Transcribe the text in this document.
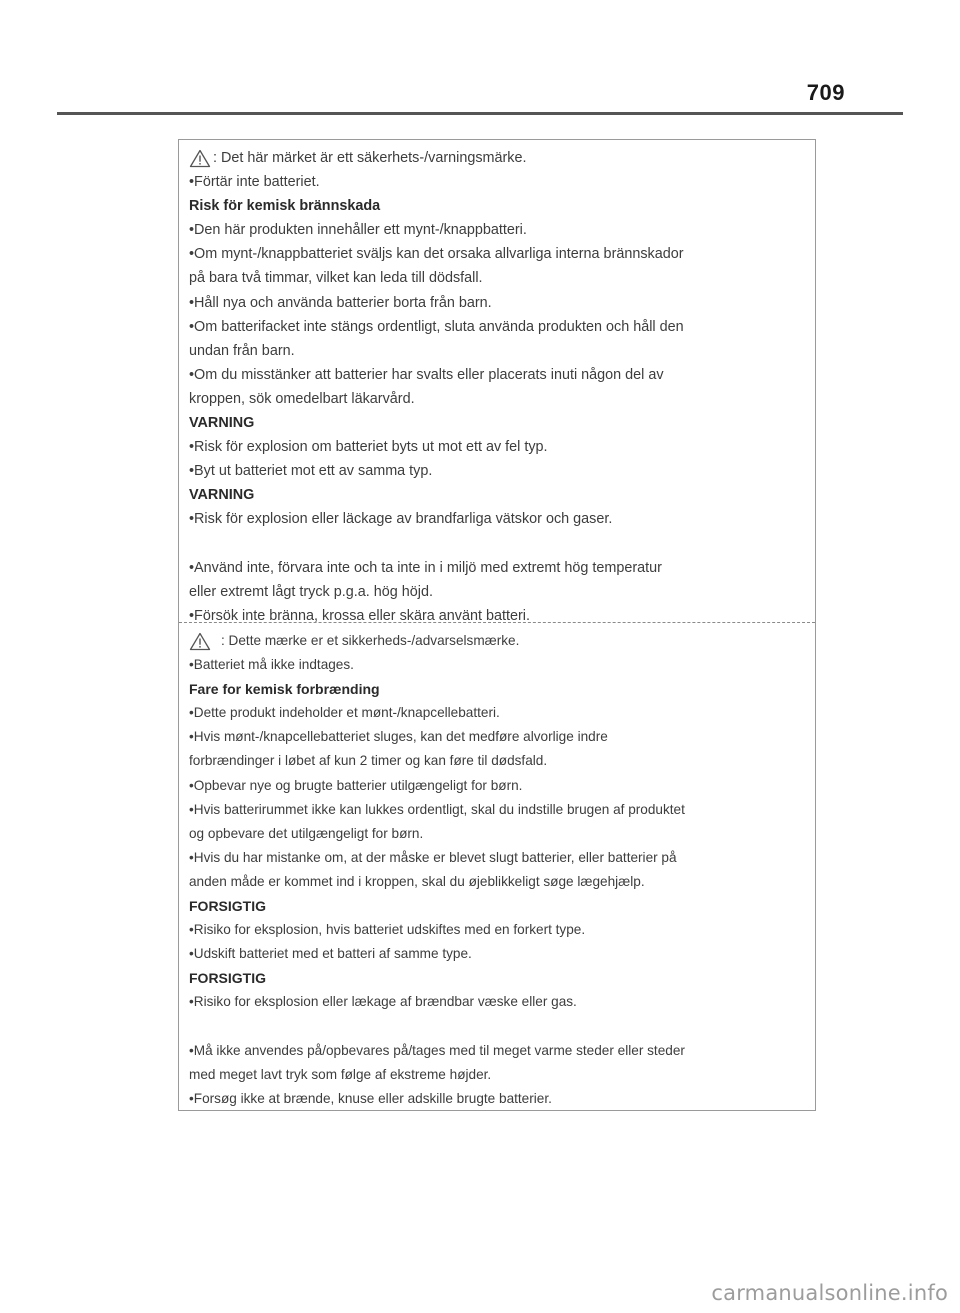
709
: Det här märket är ett säkerhets-/varningsmärke.
•Förtär inte batteriet.
Risk för kemisk brännskada
•Den här produkten innehåller ett mynt-/knappbatteri.
•Om mynt-/knappbatteriet sväljs kan det orsaka allvarliga interna brännskador
på bara två timmar, vilket kan leda till dödsfall.
•Håll nya och använda batterier borta från barn.
•Om batterifacket inte stängs ordentligt, sluta använda produkten och håll den
undan från barn.
•Om du misstänker att batterier har svalts eller placerats inuti någon del av
kroppen, sök omedelbart läkarvård.
VARNING
•Risk för explosion om batteriet byts ut mot ett av fel typ.
•Byt ut batteriet mot ett av samma typ.
VARNING
•Risk för explosion eller läckage av brandfarliga vätskor och gaser.
•Använd inte, förvara inte och ta inte in i miljö med extremt hög temperatur
eller extremt lågt tryck p.g.a. hög höjd.
•Försök inte bränna, krossa eller skära använt batteri.
: Dette mærke er et sikkerheds-/advarselsmærke.
•Batteriet må ikke indtages.
Fare for kemisk forbrænding
•Dette produkt indeholder et mønt-/knapcellebatteri.
•Hvis mønt-/knapcellebatteriet sluges, kan det medføre alvorlige indre
forbrændinger i løbet af kun 2 timer og kan føre til dødsfald.
•Opbevar nye og brugte batterier utilgængeligt for børn.
•Hvis batterirummet ikke kan lukkes ordentligt, skal du indstille brugen af produktet
og opbevare det utilgængeligt for børn.
•Hvis du har mistanke om, at der måske er blevet slugt batterier, eller batterier på
anden måde er kommet ind i kroppen, skal du øjeblikkeligt søge lægehjælp.
FORSIGTIG
•Risiko for eksplosion, hvis batteriet udskiftes med en forkert type.
•Udskift batteriet med et batteri af samme type.
FORSIGTIG
•Risiko for eksplosion eller lækage af brændbar væske eller gas.
•Må ikke anvendes på/opbevares på/tages med til meget varme steder eller steder
med meget lavt tryk som følge af ekstreme højder.
•Forsøg ikke at brænde, knuse eller adskille brugte batterier.
carmanualsonline.info
